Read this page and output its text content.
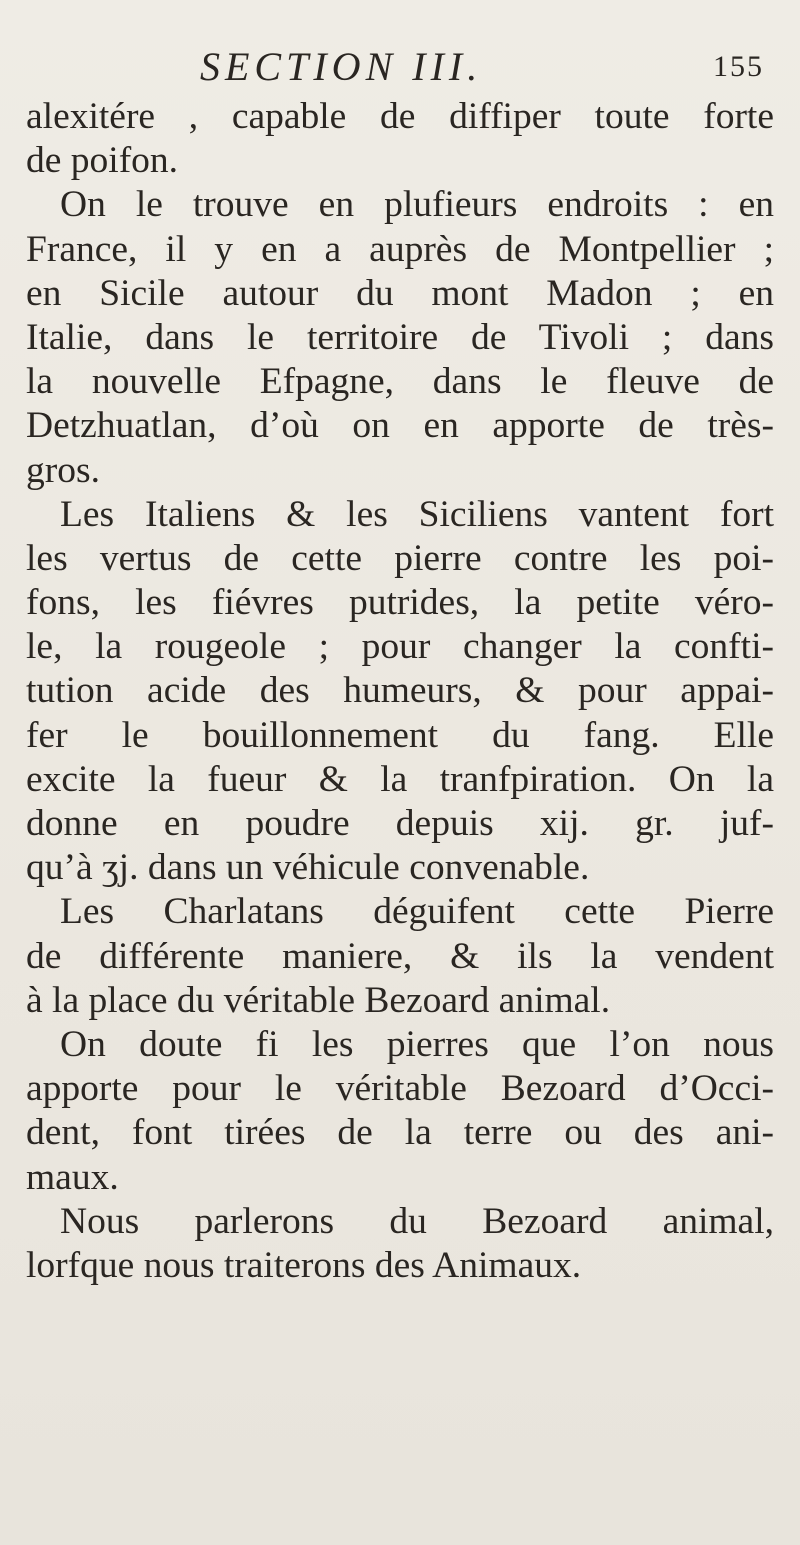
SECTION III.	155
alexitére , capable de diffiper toute forte
de poifon.
On le trouve en plufieurs endroits : en
France, il y en a auprès de Montpellier ;
en Sicile autour du mont Madon ; en
Italie, dans le territoire de Tivoli ; dans
la nouvelle Efpagne, dans le fleuve de
Detzhuatlan, d’où on en apporte de très-
gros.
Les Italiens & les Siciliens vantent fort
les vertus de cette pierre contre les poi-
fons, les fiévres putrides, la petite véro-
le, la rougeole ; pour changer la confti-
tution acide des humeurs, & pour appai-
fer le bouillonnement du fang. Elle
excite la fueur & la tranfpiration. On la
donne en poudre depuis xij. gr. juf-
qu’à ʒj. dans un véhicule convenable.
Les Charlatans déguifent cette Pierre
de différente maniere, & ils la vendent
à la place du véritable Bezoard animal.
On doute fi les pierres que l’on nous
apporte pour le véritable Bezoard d’Occi-
dent, font tirées de la terre ou des ani-
maux.
Nous parlerons du Bezoard animal,
lorfque nous traiterons des Animaux.
